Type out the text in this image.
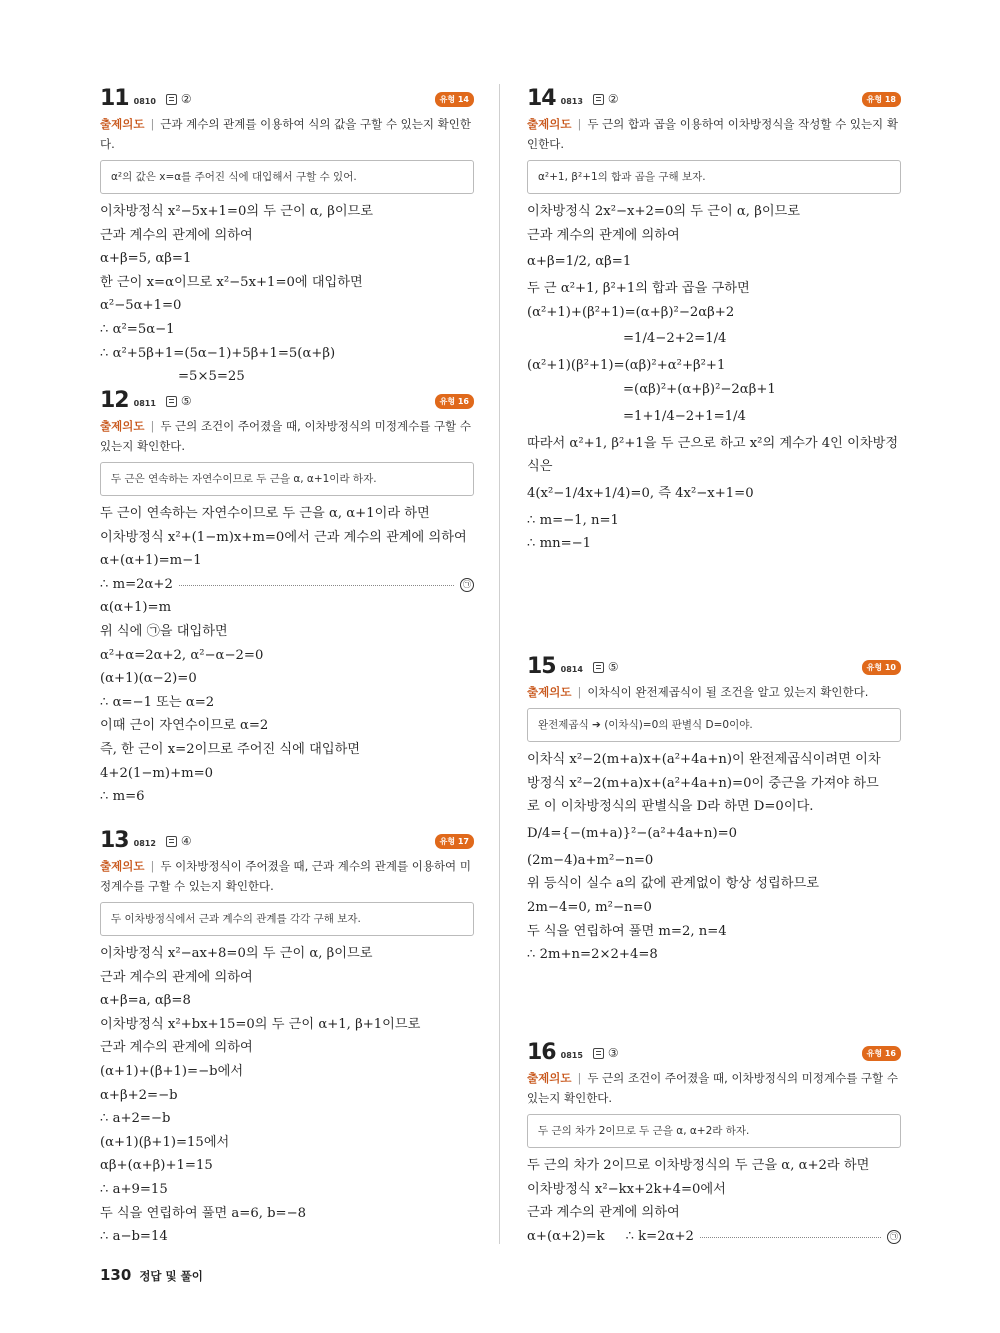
11 0810 ②	유형 14
출제의도 | 근과 계수의 관계를 이용하여 식의 값을 구할 수 있는지 확인한다.
α²의 값은 x=α를 주어진 식에 대입해서 구할 수 있어.
이차방정식 x²−5x+1=0의 두 근이 α, β이므로
근과 계수의 관계에 의하여
α+β=5, αβ=1
한 근이 x=α이므로 x²−5x+1=0에 대입하면
α²−5α+1=0
∴ α²=5α−1
∴ α²+5β+1=(5α−1)+5β+1=5(α+β)
=5×5=25
12 0811 ⑤	유형 16
출제의도 | 두 근의 조건이 주어졌을 때, 이차방정식의 미정계수를 구할 수 있는지 확인한다.
두 근은 연속하는 자연수이므로 두 근을 α, α+1이라 하자.
두 근이 연속하는 자연수이므로 두 근을 α, α+1이라 하면
이차방정식 x²+(1−m)x+m=0에서 근과 계수의 관계에 의하여
α+(α+1)=m−1
∴ m=2α+2	㉠
α(α+1)=m
위 식에 ㉠을 대입하면
α²+α=2α+2, α²−α−2=0
(α+1)(α−2)=0
∴ α=−1 또는 α=2
이때 근이 자연수이므로 α=2
즉, 한 근이 x=2이므로 주어진 식에 대입하면
4+2(1−m)+m=0
∴ m=6
13 0812 ④	유형 17
출제의도 | 두 이차방정식이 주어졌을 때, 근과 계수의 관계를 이용하여 미정계수를 구할 수 있는지 확인한다.
두 이차방정식에서 근과 계수의 관계를 각각 구해 보자.
이차방정식 x²−ax+8=0의 두 근이 α, β이므로
근과 계수의 관계에 의하여
α+β=a, αβ=8
이차방정식 x²+bx+15=0의 두 근이 α+1, β+1이므로
근과 계수의 관계에 의하여
(α+1)+(β+1)=−b에서
α+β+2=−b
∴ a+2=−b
(α+1)(β+1)=15에서
αβ+(α+β)+1=15
∴ a+9=15
두 식을 연립하여 풀면 a=6, b=−8
∴ a−b=14
14 0813 ②	유형 18
출제의도 | 두 근의 합과 곱을 이용하여 이차방정식을 작성할 수 있는지 확인한다.
α²+1, β²+1의 합과 곱을 구해 보자.
이차방정식 2x²−x+2=0의 두 근이 α, β이므로
근과 계수의 관계에 의하여
α+β=1/2, αβ=1
두 근 α²+1, β²+1의 합과 곱을 구하면
(α²+1)+(β²+1)=(α+β)²−2αβ+2
=1/4−2+2=1/4
(α²+1)(β²+1)=(αβ)²+α²+β²+1
=(αβ)²+(α+β)²−2αβ+1
=1+1/4−2+1=1/4
따라서 α²+1, β²+1을 두 근으로 하고 x²의 계수가 4인 이차방정
식은
4(x²−1/4x+1/4)=0, 즉 4x²−x+1=0
∴ m=−1, n=1
∴ mn=−1
15 0814 ⑤	유형 10
출제의도 | 이차식이 완전제곱식이 될 조건을 알고 있는지 확인한다.
완전제곱식 ➔ (이차식)=0의 판별식 D=0이야.
이차식 x²−2(m+a)x+(a²+4a+n)이 완전제곱식이려면 이차
방정식 x²−2(m+a)x+(a²+4a+n)=0이 중근을 가져야 하므
로 이 이차방정식의 판별식을 D라 하면 D=0이다.
D/4={−(m+a)}²−(a²+4a+n)=0
(2m−4)a+m²−n=0
위 등식이 실수 a의 값에 관계없이 항상 성립하므로
2m−4=0, m²−n=0
두 식을 연립하여 풀면 m=2, n=4
∴ 2m+n=2×2+4=8
16 0815 ③	유형 16
출제의도 | 두 근의 조건이 주어졌을 때, 이차방정식의 미정계수를 구할 수 있는지 확인한다.
두 근의 차가 2이므로 두 근을 α, α+2라 하자.
두 근의 차가 2이므로 이차방정식의 두 근을 α, α+2라 하면
이차방정식 x²−kx+2k+4=0에서
근과 계수의 관계에 의하여
α+(α+2)=k     ∴ k=2α+2	㉠
130 정답 및 풀이
